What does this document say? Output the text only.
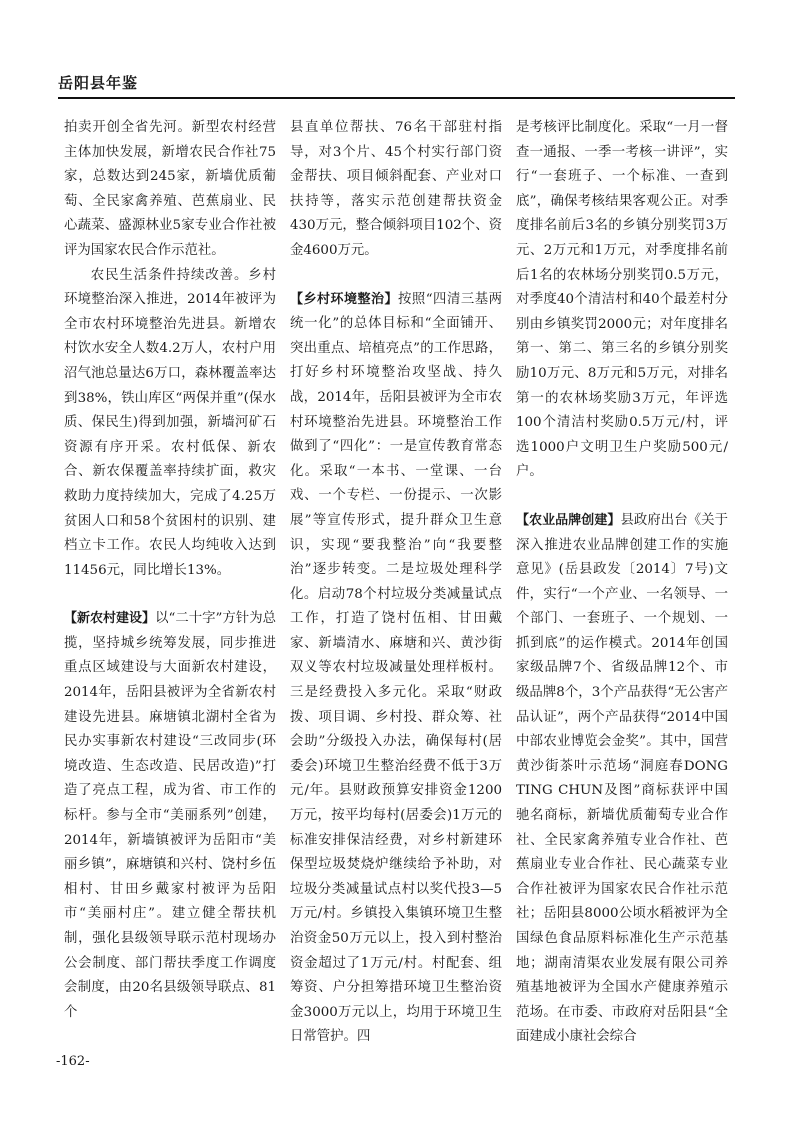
岳阳县年鉴

拍卖开创全省先河。新型农村经营主体加快发展，新增农民合作社75家，总数达到245家，新墙优质葡萄、全民家禽养殖、芭蕉扇业、民心蔬菜、盛源林业5家专业合作社被评为国家农民合作示范社。

农民生活条件持续改善。乡村环境整治深入推进，2014年被评为全市农村环境整治先进县。新增农村饮水安全人数4.2万人，农村户用沼气池总量达6万口，森林覆盖率达到38%，铁山库区“两保并重”(保水质、保民生)得到加强，新墙河矿石资源有序开采。农村低保、新农合、新农保覆盖率持续扩面，救灾救助力度持续加大，完成了4.25万贫困人口和58个贫困村的识别、建档立卡工作。农民人均纯收入达到11456元，同比增长13%。

【新农村建设】以“二十字”方针为总揽，坚持城乡统筹发展，同步推进重点区域建设与大面新农村建设，2014年，岳阳县被评为全省新农村建设先进县。麻塘镇北湖村全省为民办实事新农村建设“三改同步(环境改造、生态改造、民居改造)”打造了亮点工程，成为省、市工作的标杆。参与全市“美丽系列”创建，2014年，新墙镇被评为岳阳市“美丽乡镇”，麻塘镇和兴村、饶村乡伍相村、甘田乡戴家村被评为岳阳市“美丽村庄”。建立健全帮扶机制，强化县级领导联示范村现场办公会制度、部门帮扶季度工作调度会制度，由20名县级领导联点、81个

县直单位帮扶、76名干部驻村指导，对3个片、45个村实行部门资金帮扶、项目倾斜配套、产业对口扶持等，落实示范创建帮扶资金430万元，整合倾斜项目102个、资金4600万元。

【乡村环境整治】按照“四清三基两统一化”的总体目标和“全面铺开、突出重点、培植亮点”的工作思路，打好乡村环境整治攻坚战、持久战，2014年，岳阳县被评为全市农村环境整治先进县。环境整治工作做到了“四化”：一是宣传教育常态化。采取“一本书、一堂课、一台戏、一个专栏、一份提示、一次影展”等宣传形式，提升群众卫生意识，实现“要我整治”向“我要整治”逐步转变。二是垃圾处理科学化。启动78个村垃圾分类减量试点工作，打造了饶村伍相、甘田戴家、新墙清水、麻塘和兴、黄沙街双义等农村垃圾减量处理样板村。三是经费投入多元化。采取“财政拨、项目调、乡村投、群众筹、社会助”分级投入办法，确保每村(居委会)环境卫生整治经费不低于3万元/年。县财政预算安排资金1200万元，按平均每村(居委会)1万元的标准安排保洁经费，对乡村新建环保型垃圾焚烧炉继续给予补助，对垃圾分类减量试点村以奖代投3—5万元/村。乡镇投入集镇环境卫生整治资金50万元以上，投入到村整治资金超过了1万元/村。村配套、组筹资、户分担筹措环境卫生整治资金3000万元以上，均用于环境卫生日常管护。四

是考核评比制度化。采取“一月一督查一通报、一季一考核一讲评”，实行“一套班子、一个标准、一查到底”，确保考核结果客观公正。对季度排名前后3名的乡镇分别奖罚3万元、2万元和1万元，对季度排名前后1名的农林场分别奖罚0.5万元，对季度40个清洁村和40个最差村分别由乡镇奖罚2000元；对年度排名第一、第二、第三名的乡镇分别奖励10万元、8万元和5万元，对排名第一的农林场奖励3万元，年评选100个清洁村奖励0.5万元/村，评选1000户文明卫生户奖励500元/户。

【农业品牌创建】县政府出台《关于深入推进农业品牌创建工作的实施意见》(岳县政发〔2014〕7号)文件，实行“一个产业、一名领导、一个部门、一套班子、一个规划、一抓到底”的运作模式。2014年创国家级品牌7个、省级品牌12个、市级品牌8个，3个产品获得“无公害产品认证”，两个产品获得“2014中国中部农业博览会金奖”。其中，国营黄沙街茶叶示范场“洞庭春DONG TING CHUN及图”商标获评中国驰名商标，新墙优质葡萄专业合作社、全民家禽养殖专业合作社、芭蕉扇业专业合作社、民心蔬菜专业合作社被评为国家农民合作社示范社；岳阳县8000公顷水稻被评为全国绿色食品原料标准化生产示范基地；湖南清渠农业发展有限公司养殖基地被评为全国水产健康养殖示范场。在市委、市政府对岳阳县“全面建成小康社会综合

-162-
